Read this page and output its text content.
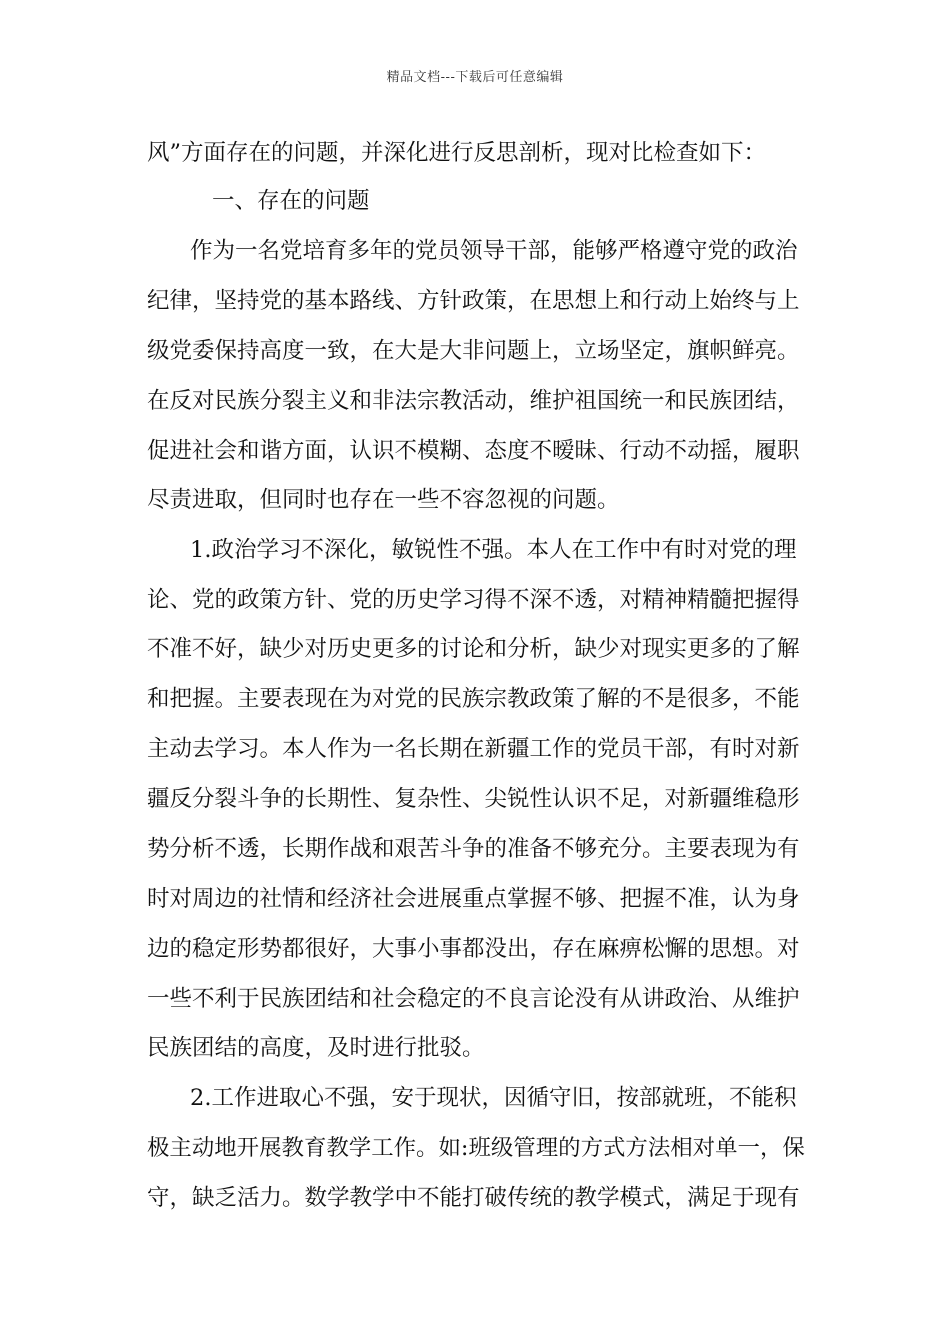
精品文档---下载后可任意编辑
风”方面存在的问题，并深化进行反思剖析，现对比检查如下：
一、存在的问题
作为一名党培育多年的党员领导干部，能够严格遵守党的政治
纪律，坚持党的基本路线、方针政策，在思想上和行动上始终与上
级党委保持高度一致，在大是大非问题上，立场坚定，旗帜鲜亮。
在反对民族分裂主义和非法宗教活动，维护祖国统一和民族团结，
促进社会和谐方面，认识不模糊、态度不暧昧、行动不动摇，履职
尽责进取，但同时也存在一些不容忽视的问题。
1.政治学习不深化，敏锐性不强。本人在工作中有时对党的理
论、党的政策方针、党的历史学习得不深不透，对精神精髓把握得
不准不好，缺少对历史更多的讨论和分析，缺少对现实更多的了解
和把握。主要表现在为对党的民族宗教政策了解的不是很多，不能
主动去学习。本人作为一名长期在新疆工作的党员干部，有时对新
疆反分裂斗争的长期性、复杂性、尖锐性认识不足，对新疆维稳形
势分析不透，长期作战和艰苦斗争的准备不够充分。主要表现为有
时对周边的社情和经济社会进展重点掌握不够、把握不准，认为身
边的稳定形势都很好，大事小事都没出，存在麻痹松懈的思想。对
一些不利于民族团结和社会稳定的不良言论没有从讲政治、从维护
民族团结的高度，及时进行批驳。
2.工作进取心不强，安于现状，因循守旧，按部就班，不能积
极主动地开展教育教学工作。如:班级管理的方式方法相对单一，保
守，缺乏活力。数学教学中不能打破传统的教学模式，满足于现有
